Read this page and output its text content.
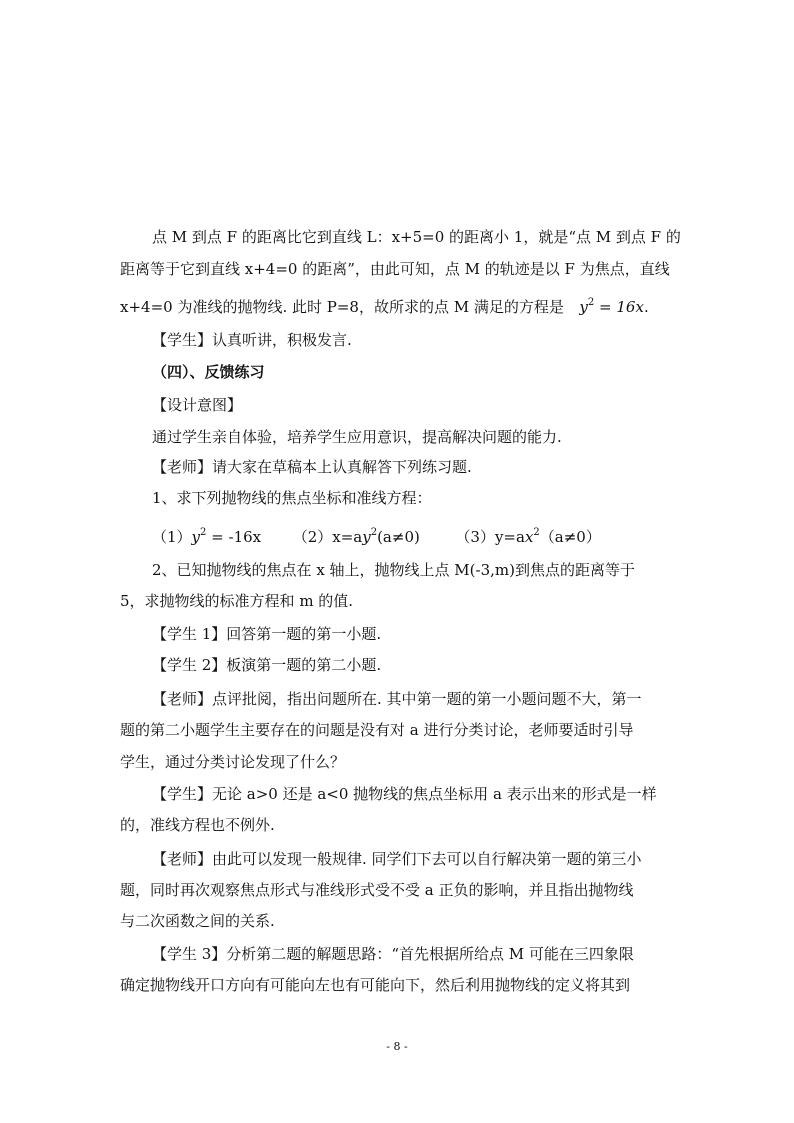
点 M 到点 F 的距离比它到直线 L：x+5=0 的距离小 1，就是“点 M 到点 F 的
距离等于它到直线 x+4=0 的距离”，由此可知，点 M 的轨迹是以 F 为焦点，直线
x+4=0 为准线的抛物线. 此时 P=8，故所求的点 M 满足的方程是 $y^2 = 16x$.
【学生】认真听讲，积极发言.
（四）、反馈练习
【设计意图】
通过学生亲自体验，培养学生应用意识，提高解决问题的能力.
【老师】请大家在草稿本上认真解答下列练习题.
1、求下列抛物线的焦点坐标和准线方程：
$(1)y^2 = -16x$ $(2)x=ay^2(a\ne 0)$ $(3)y=ax^2(a\ne 0)$
2、已知抛物线的焦点在 x 轴上，抛物线上点 M(-3,m)到焦点的距离等于
5，求抛物线的标准方程和 m 的值.
【学生 1】回答第一题的第一小题.
【学生 2】板演第一题的第二小题.
【老师】点评批阅，指出问题所在. 其中第一题的第一小题问题不大，第一
题的第二小题学生主要存在的问题是没有对 a 进行分类讨论，老师要适时引导
学生，通过分类讨论发现了什么？
【学生】无论 a>0 还是 a<0 抛物线的焦点坐标用 a 表示出来的形式是一样
的，准线方程也不例外.
【老师】由此可以发现一般规律. 同学们下去可以自行解决第一题的第三小
题，同时再次观察焦点形式与准线形式受不受 a 正负的影响，并且指出抛物线
与二次函数之间的关系.
【学生 3】分析第二题的解题思路：“首先根据所给点 M 可能在三四象限
确定抛物线开口方向有可能向左也有可能向下，然后利用抛物线的定义将其到
- 8 -
